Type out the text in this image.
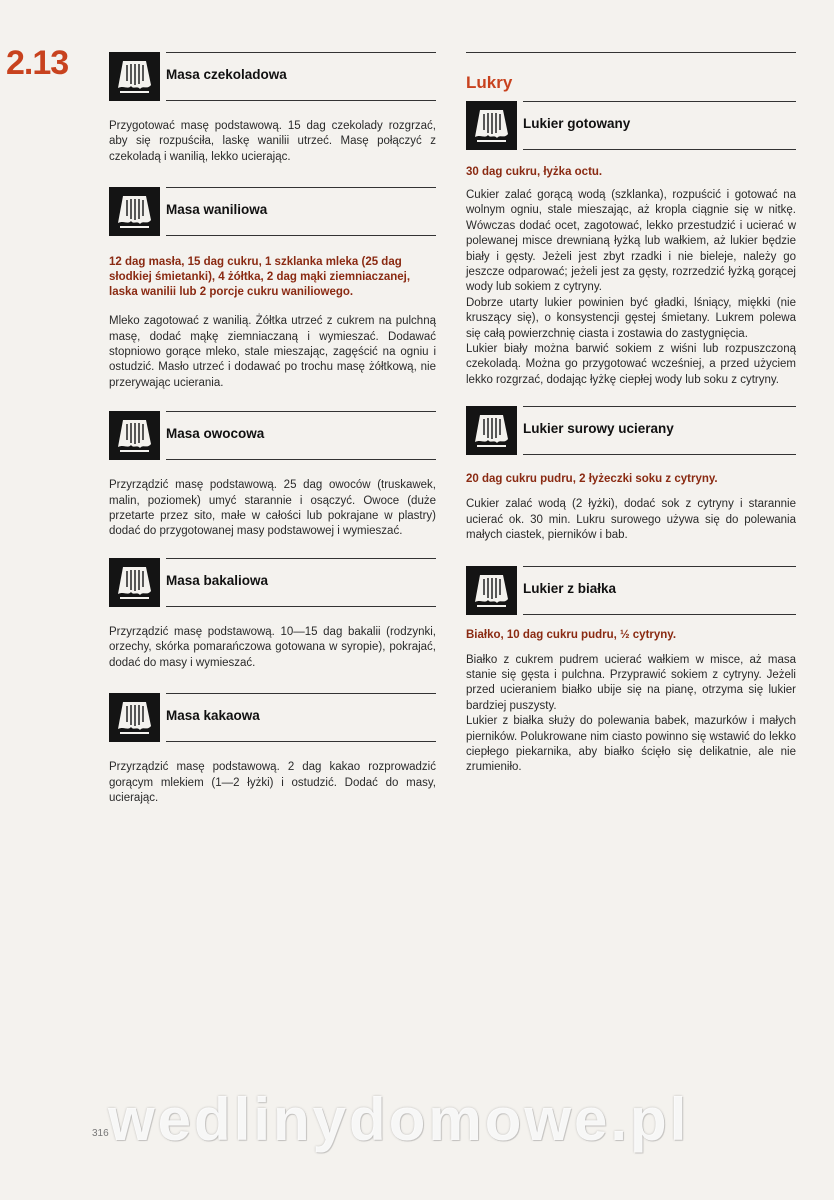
2.13	Masa czekoladowa

Przygotować masę podstawową. 15 dag czekolady rozgrzać, aby się rozpuściła, laskę wanilii utrzeć. Masę połączyć z czekoladą i wanilią, lekko ucierając.

Masa waniliowa

12 dag masła, 15 dag cukru, 1 szklanka mleka (25 dag słodkiej śmietanki), 4 żółtka, 2 dag mąki ziemniaczanej, laska wanilii lub 2 porcje cukru waniliowego.

Mleko zagotować z wanilią. Żółtka utrzeć z cukrem na pulchną masę, dodać mąkę ziemniaczaną i wymieszać. Dodawać stopniowo gorące mleko, stale mieszając, zagęścić na ogniu i ostudzić. Masło utrzeć i dodawać po trochu masę żółtkową, nie przerywając ucierania.

Masa owocowa

Przyrządzić masę podstawową. 25 dag owoców (truskawek, malin, poziomek) umyć starannie i osączyć. Owoce (duże przetarte przez sito, małe w całości lub pokrajane w plastry) dodać do przygotowanej masy podstawowej i wymieszać.

Masa bakaliowa

Przyrządzić masę podstawową. 10—15 dag bakalii (rodzynki, orzechy, skórka pomarańczowa gotowana w syropie), pokrajać, dodać do masy i wymieszać.

Masa kakaowa

Przyrządzić masę podstawową. 2 dag kakao rozprowadzić gorącym mlekiem (1—2 łyżki) i ostudzić. Dodać do masy, ucierając.

Lukry
Lukier gotowany

30 dag cukru, łyżka octu.

Cukier zalać gorącą wodą (szklanka), rozpuścić i gotować na wolnym ogniu, stale mieszając, aż kropla ciągnie się w nitkę. Wówczas dodać ocet, zagotować, lekko przestudzić i ucierać w polewanej misce drewnianą łyżką lub wałkiem, aż lukier będzie biały i gęsty. Jeżeli jest zbyt rzadki i nie bieleje, należy go jeszcze odparować; jeżeli jest za gęsty, rozrzedzić łyżką gorącej wody lub sokiem z cytryny.
Dobrze utarty lukier powinien być gładki, lśniący, miękki (nie kruszący się), o konsystencji gęstej śmietany. Lukrem polewa się całą powierzchnię ciasta i zostawia do zastygnięcia.
Lukier biały można barwić sokiem z wiśni lub rozpuszczoną czekoladą. Można go przygotować wcześniej, a przed użyciem lekko rozgrzać, dodając łyżkę ciepłej wody lub soku z cytryny.

Lukier surowy ucierany

20 dag cukru pudru, 2 łyżeczki soku z cytryny.

Cukier zalać wodą (2 łyżki), dodać sok z cytryny i starannie ucierać ok. 30 min. Lukru surowego używa się do polewania małych ciastek, pierników i bab.

Lukier z białka

Białko, 10 dag cukru pudru, ½ cytryny.

Białko z cukrem pudrem ucierać wałkiem w misce, aż masa stanie się gęsta i pulchna. Przyprawić sokiem z cytryny. Jeżeli przed ucieraniem białko ubije się na pianę, otrzyma się lukier bardziej puszysty.
Lukier z białka służy do polewania babek, mazurków i małych pierników. Polukrowane nim ciasto powinno się wstawić do lekko ciepłego piekarnika, aby białko ścięło się delikatnie, ale nie zrumieniło.

wedlinydomowe.pl
316
